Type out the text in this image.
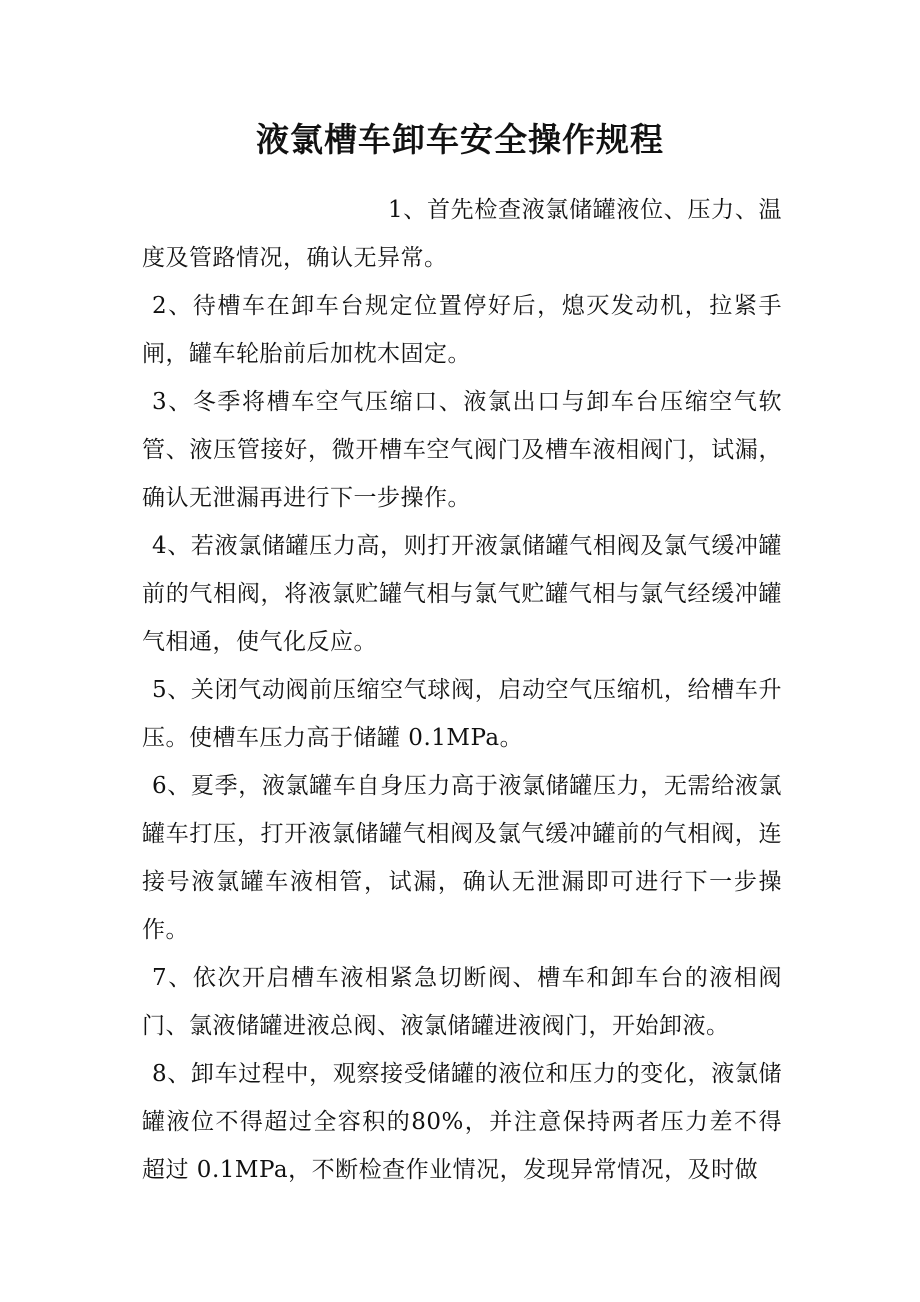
液氯槽车卸车安全操作规程

1、首先检查液氯储罐液位、压力、温度及管路情况，确认无异常。

2、待槽车在卸车台规定位置停好后，熄灭发动机，拉紧手闸，罐车轮胎前后加枕木固定。

3、冬季将槽车空气压缩口、液氯出口与卸车台压缩空气软管、液压管接好，微开槽车空气阀门及槽车液相阀门，试漏，确认无泄漏再进行下一步操作。

4、若液氯储罐压力高，则打开液氯储罐气相阀及氯气缓冲罐前的气相阀，将液氯贮罐气相与氯气贮罐气相与氯气经缓冲罐气相通，使气化反应。

5、关闭气动阀前压缩空气球阀，启动空气压缩机，给槽车升压。使槽车压力高于储罐 0.1MPa。

6、夏季，液氯罐车自身压力高于液氯储罐压力，无需给液氯罐车打压，打开液氯储罐气相阀及氯气缓冲罐前的气相阀，连接号液氯罐车液相管，试漏，确认无泄漏即可进行下一步操作。

7、依次开启槽车液相紧急切断阀、槽车和卸车台的液相阀门、氯液储罐进液总阀、液氯储罐进液阀门，开始卸液。

8、卸车过程中，观察接受储罐的液位和压力的变化，液氯储罐液位不得超过全容积的80%，并注意保持两者压力差不得超过 0.1MPa，不断检查作业情况，发现异常情况，及时做
